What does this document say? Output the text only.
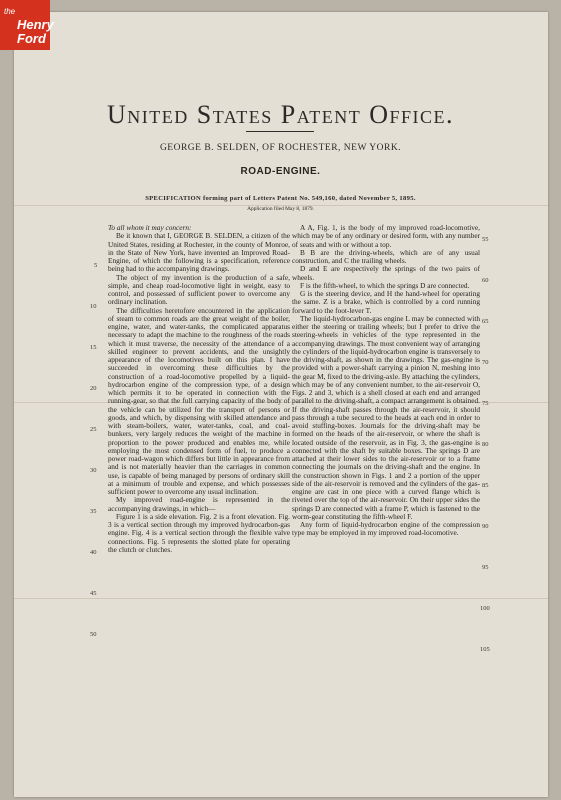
the
Henry
Ford
United States Patent Office.
GEORGE B. SELDEN, OF ROCHESTER, NEW YORK.
ROAD-ENGINE.
SPECIFICATION forming part of Letters Patent No. 549,160, dated November 5, 1895.
Application filed May 8, 1879.

To all whom it may concern:

Be it known that I, GEORGE B. SELDEN, a citizen of the United States, residing at Rochester, in the county of Monroe, in the State of New York, have invented an Improved Road-Engine, of which the following is a specification, reference being had to the accompanying drawings.

The object of my invention is the production of a safe, simple, and cheap road-locomotive light in weight, easy to control, and possessed of sufficient power to overcome any ordinary inclination.

The difficulties heretofore encountered in the application of steam to common roads are the great weight of the boiler, engine, water, and water-tanks, the complicated apparatus necessary to adapt the machine to the roughness of the roads which it must traverse, the necessity of the attendance of a skilled engineer to prevent accidents, and the unsightly appearance of the locomotives built on this plan. I have succeeded in overcoming these difficulties by the construction of a road-locomotive propelled by a liquid-hydrocarbon engine of the compression type, of a design which permits it to be operated in connection with the running-gear, so that the full carrying capacity of the body of the vehicle can be utilized for the transport of persons or goods, and which, by dispensing with skilled attendance and with steam-boilers, water, water-tanks, coal, and coal-bunkers, very largely reduces the weight of the machine in proportion to the power produced and enables me, while employing the most condensed form of fuel, to produce a power road-wagon which differs but little in appearance from and is not materially heavier than the carriages in common use, is capable of being managed by persons of ordinary skill at a minimum of trouble and expense, and which possesses sufficient power to overcome any usual inclination.

My improved road-engine is represented in the accompanying drawings, in which—

Figure 1 is a side elevation. Fig. 2 is a front elevation. Fig. 3 is a vertical section through my improved hydrocarbon-gas engine. Fig. 4 is a vertical section through the flexible valve connections. Fig. 5 represents the slotted plate for operating the clutch or clutches.

A A, Fig. 1, is the body of my improved road-locomotive, which may be of any ordinary or desired form, with any number of seats and with or without a top.

B B are the driving-wheels, which are of any usual construction, and C the trailing wheels.

D and E are respectively the springs of the two pairs of wheels.

F is the fifth-wheel, to which the springs D are connected.

G is the steering device, and H the hand-wheel for operating the same. Z is a brake, which is controlled by a cord running forward to the foot-lever T.

The liquid-hydrocarbon-gas engine L may be connected with either the steering or trailing wheels; but I prefer to drive the steering-wheels in vehicles of the type represented in the accompanying drawings. The most convenient way of arranging the cylinders of the liquid-hydrocarbon engine is transversely to the driving-shaft, as shown in the drawings. The gas-engine is provided with a power-shaft carrying a pinion N, meshing into the gear M, fixed to the driving-axle. By attaching the cylinders, which may be of any convenient number, to the air-reservoir O, Figs. 2 and 3, which is a shell closed at each end and arranged parallel to the driving-shaft, a compact arrangement is obtained. If the driving-shaft passes through the air-reservoir, it should pass through a tube secured to the heads at each end in order to avoid stuffing-boxes. Journals for the driving-shaft may be formed on the heads of the air-reservoir, or where the shaft is located outside of the reservoir, as in Fig. 3, the gas-engine is connected with the shaft by suitable boxes. The springs D are attached at their lower sides to the air-reservoir or to a frame connecting the journals on the driving-shaft and the engine. In the construction shown in Figs. 1 and 2 a portion of the upper side of the air-reservoir is removed and the cylinders of the gas-engine are cast in one piece with a curved flange which is riveted over the top of the air-reservoir. On their upper sides the springs D are connected with a frame P, which is fastened to the worm-gear constituting the fifth-wheel F.

Any form of liquid-hydrocarbon engine of the compression type may be employed in my improved road-locomotive.

5
10
15
20
25
30
35
40
45
50
55
60
65
70
75
80
85
90
95
100
105
